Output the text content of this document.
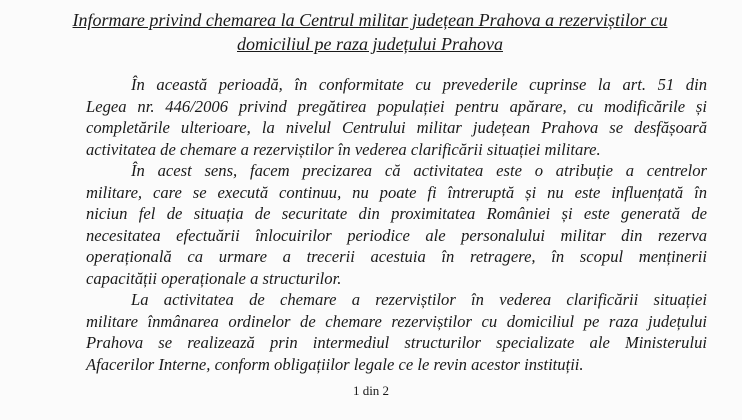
Informare privind chemarea la Centrul militar județean Prahova a rezerviștilor cu
domiciliul pe raza județului Prahova
În această perioadă, în conformitate cu prevederile cuprinse la art. 51 din
Legea nr. 446/2006 privind pregătirea populației pentru apărare, cu modificările și
completările ulterioare, la nivelul Centrului militar județean Prahova se desfășoară
activitatea de chemare a rezerviștilor în vederea clarificării situației militare.
În acest sens, facem precizarea că activitatea este o atribuție a centrelor
militare, care se execută continuu, nu poate fi întreruptă și nu este influențată în
niciun fel de situația de securitate din proximitatea României și este generată de
necesitatea efectuării înlocuirilor periodice ale personalului militar din rezerva
operațională ca urmare a trecerii acestuia în retragere, în scopul menținerii
capacității operaționale a structurilor.
La activitatea de chemare a rezerviștilor în vederea clarificării situației
militare înmânarea ordinelor de chemare rezerviștilor cu domiciliul pe raza județului
Prahova se realizează prin intermediul structurilor specializate ale Ministerului
Afacerilor Interne, conform obligațiilor legale ce le revin acestor instituții.
1 din 2
